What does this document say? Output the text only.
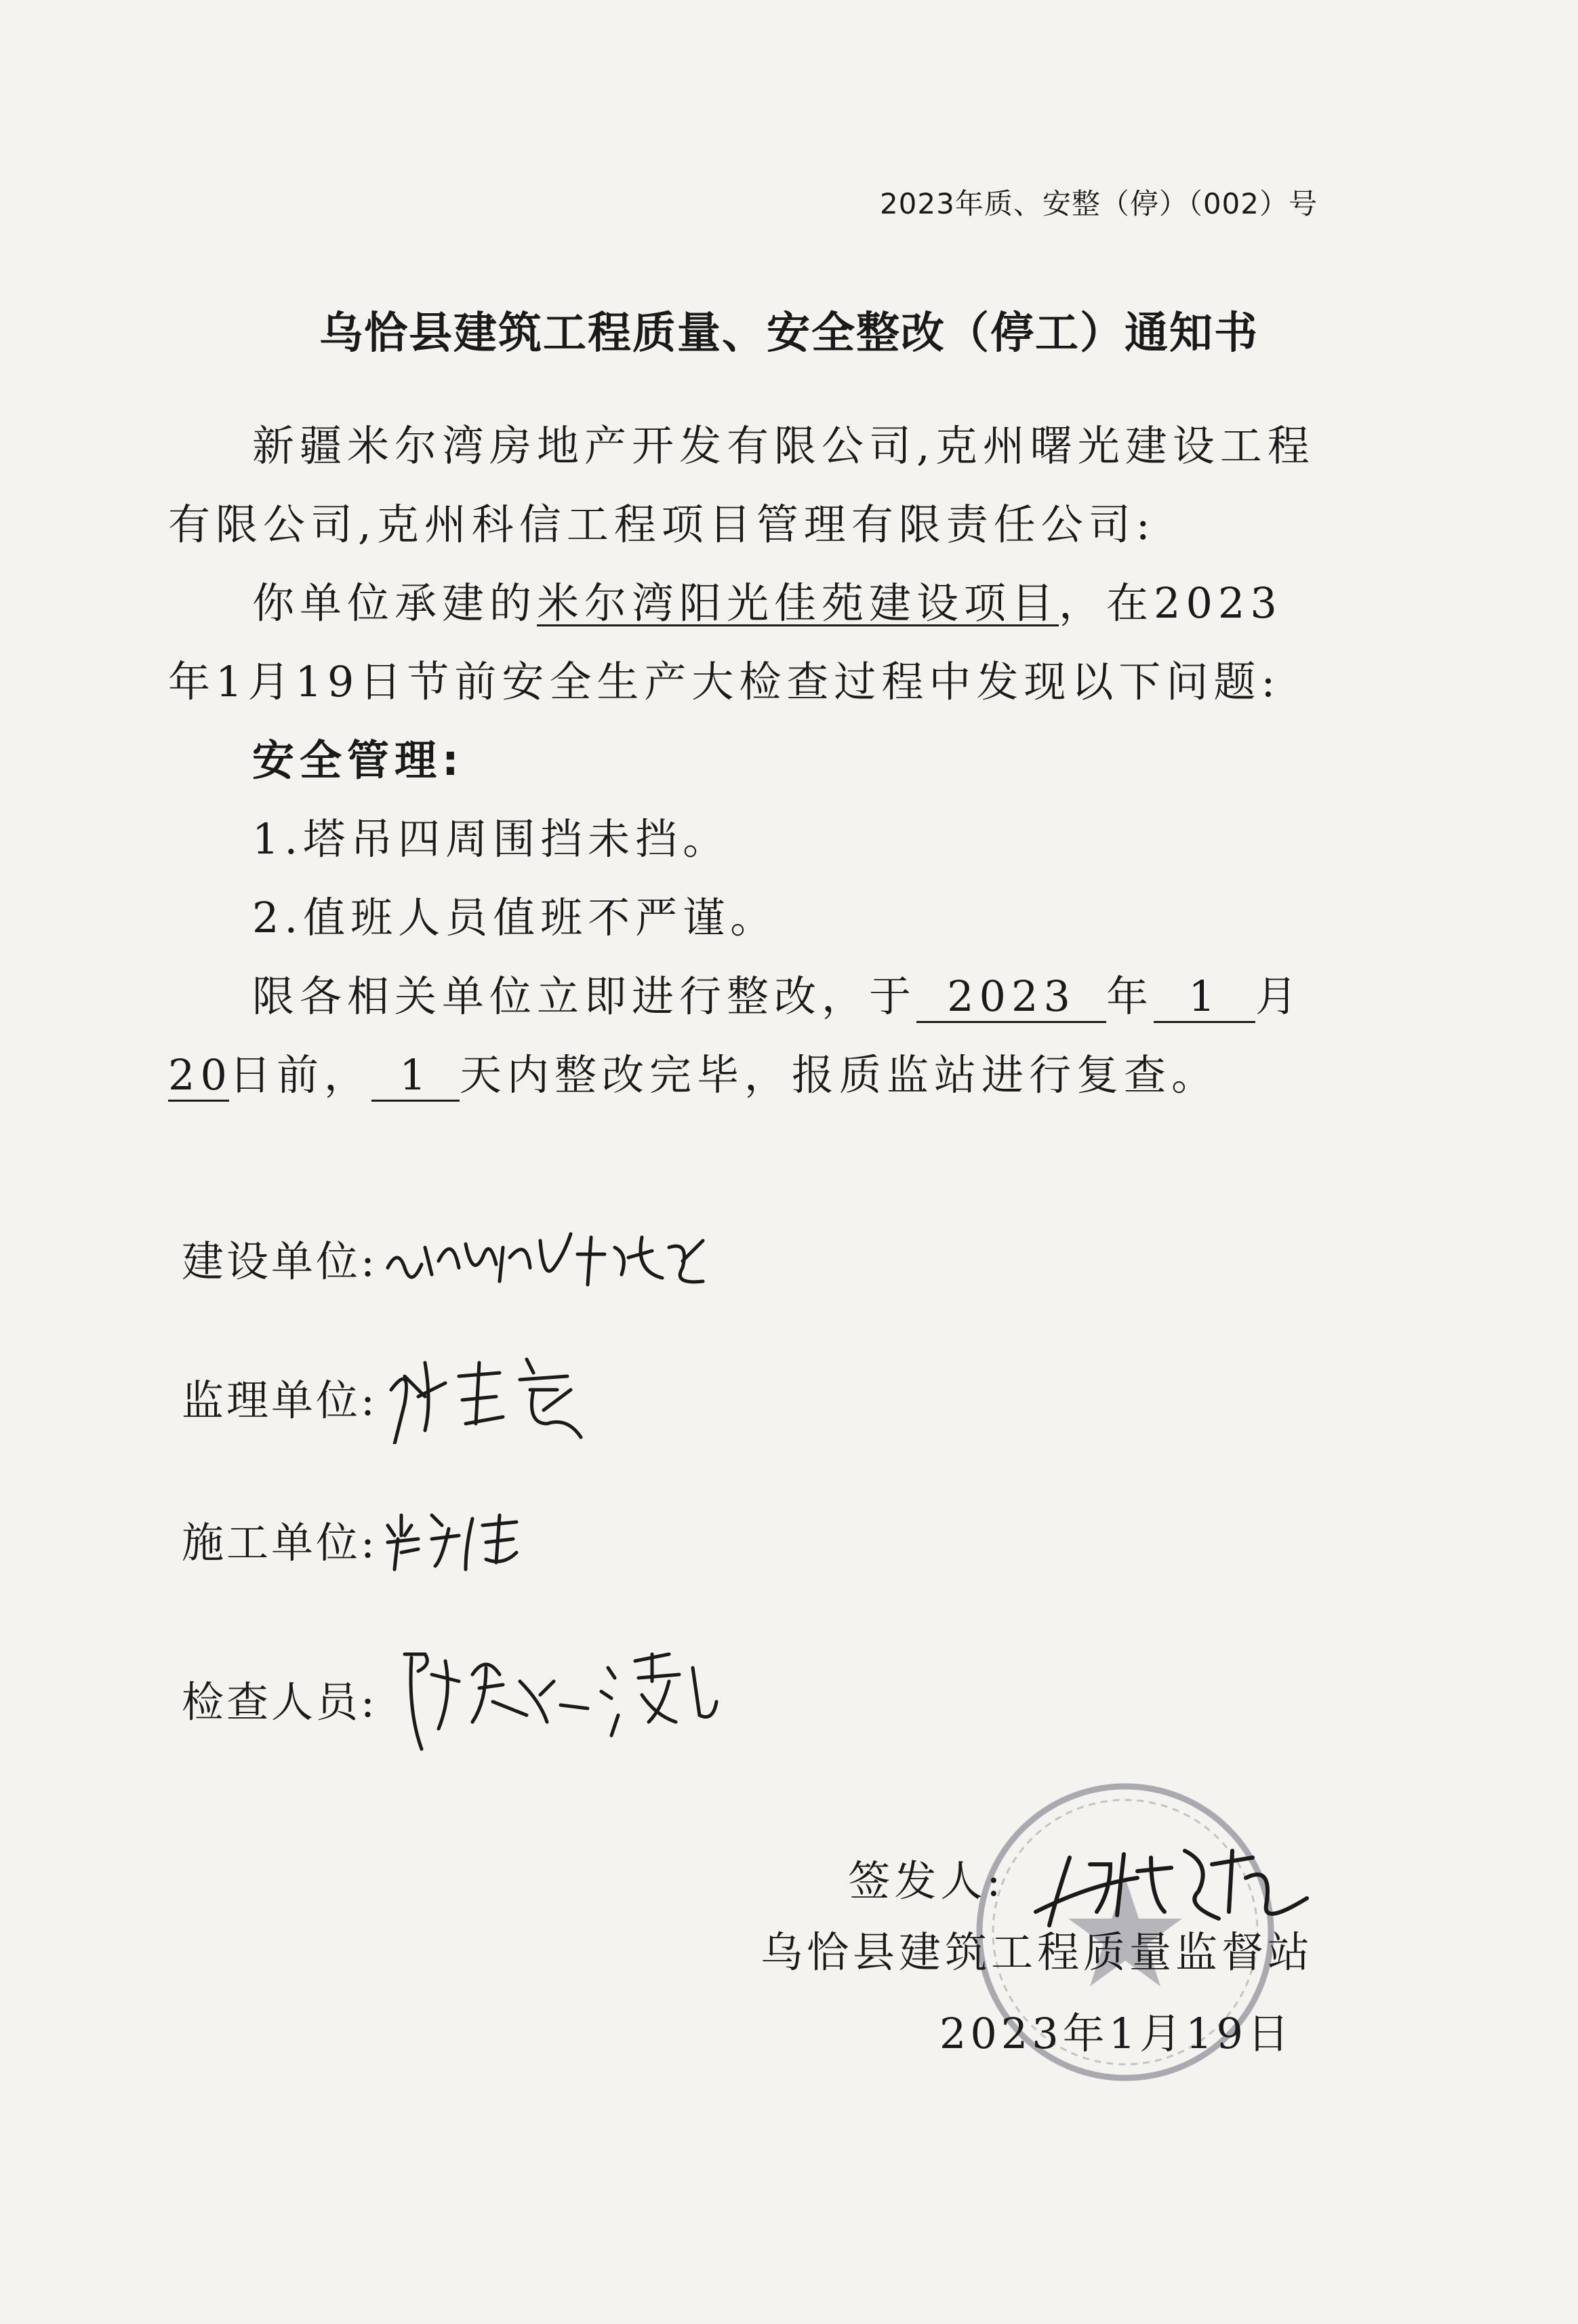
2023年质、安整（停）（002）号
乌恰县建筑工程质量、安全整改（停工）通知书

新疆米尔湾房地产开发有限公司,克州曙光建设工程有限公司,克州科信工程项目管理有限责任公司:

你单位承建的米尔湾阳光佳苑建设项目，在2023年1月19日节前安全生产大检查过程中发现以下问题:

安全管理:

1.塔吊四周围挡未挡。

2.值班人员值班不严谨。

限各相关单位立即进行整改，于 2023 年 1 月20日前， 1 天内整改完毕，报质监站进行复查。

建设单位:
监理单位:
施工单位:
检查人员:
签发人:
乌恰县建筑工程质量监督站
2023年1月19日
